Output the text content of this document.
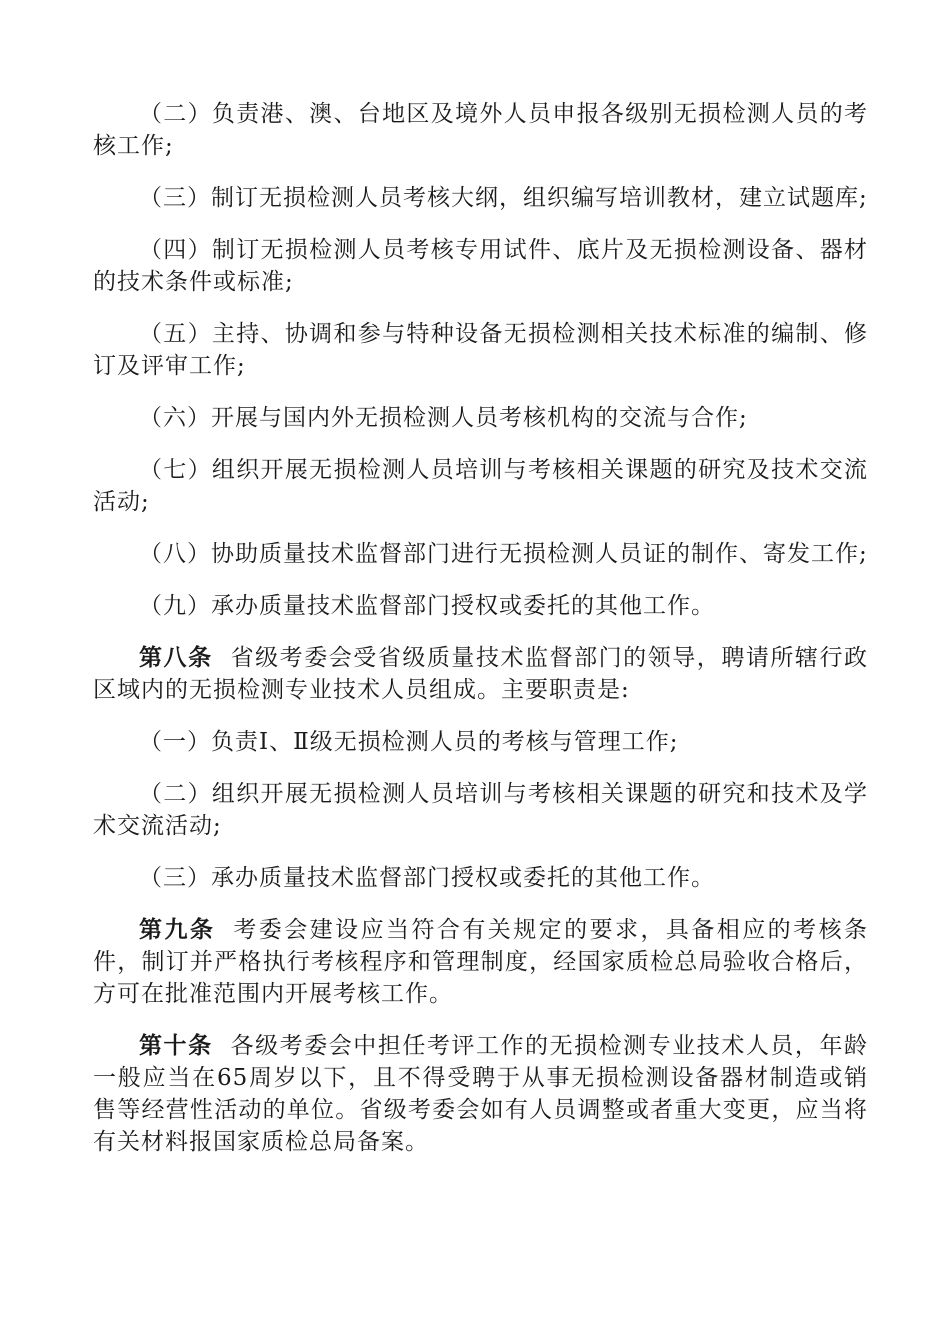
（二）负责港、澳、台地区及境外人员申报各级别无损检测人员的考核工作;

（三）制订无损检测人员考核大纲，组织编写培训教材，建立试题库;

（四）制订无损检测人员考核专用试件、底片及无损检测设备、器材的技术条件或标准;

（五）主持、协调和参与特种设备无损检测相关技术标准的编制、修订及评审工作;

（六）开展与国内外无损检测人员考核机构的交流与合作;

（七）组织开展无损检测人员培训与考核相关课题的研究及技术交流活动;

（八）协助质量技术监督部门进行无损检测人员证的制作、寄发工作;

（九）承办质量技术监督部门授权或委托的其他工作。

第八条 省级考委会受省级质量技术监督部门的领导，聘请所辖行政区域内的无损检测专业技术人员组成。主要职责是:

（一）负责Ⅰ、Ⅱ级无损检测人员的考核与管理工作;

（二）组织开展无损检测人员培训与考核相关课题的研究和技术及学术交流活动;

（三）承办质量技术监督部门授权或委托的其他工作。

第九条 考委会建设应当符合有关规定的要求，具备相应的考核条件，制订并严格执行考核程序和管理制度，经国家质检总局验收合格后，方可在批准范围内开展考核工作。

第十条 各级考委会中担任考评工作的无损检测专业技术人员，年龄一般应当在65周岁以下，且不得受聘于从事无损检测设备器材制造或销售等经营性活动的单位。省级考委会如有人员调整或者重大变更，应当将有关材料报国家质检总局备案。
